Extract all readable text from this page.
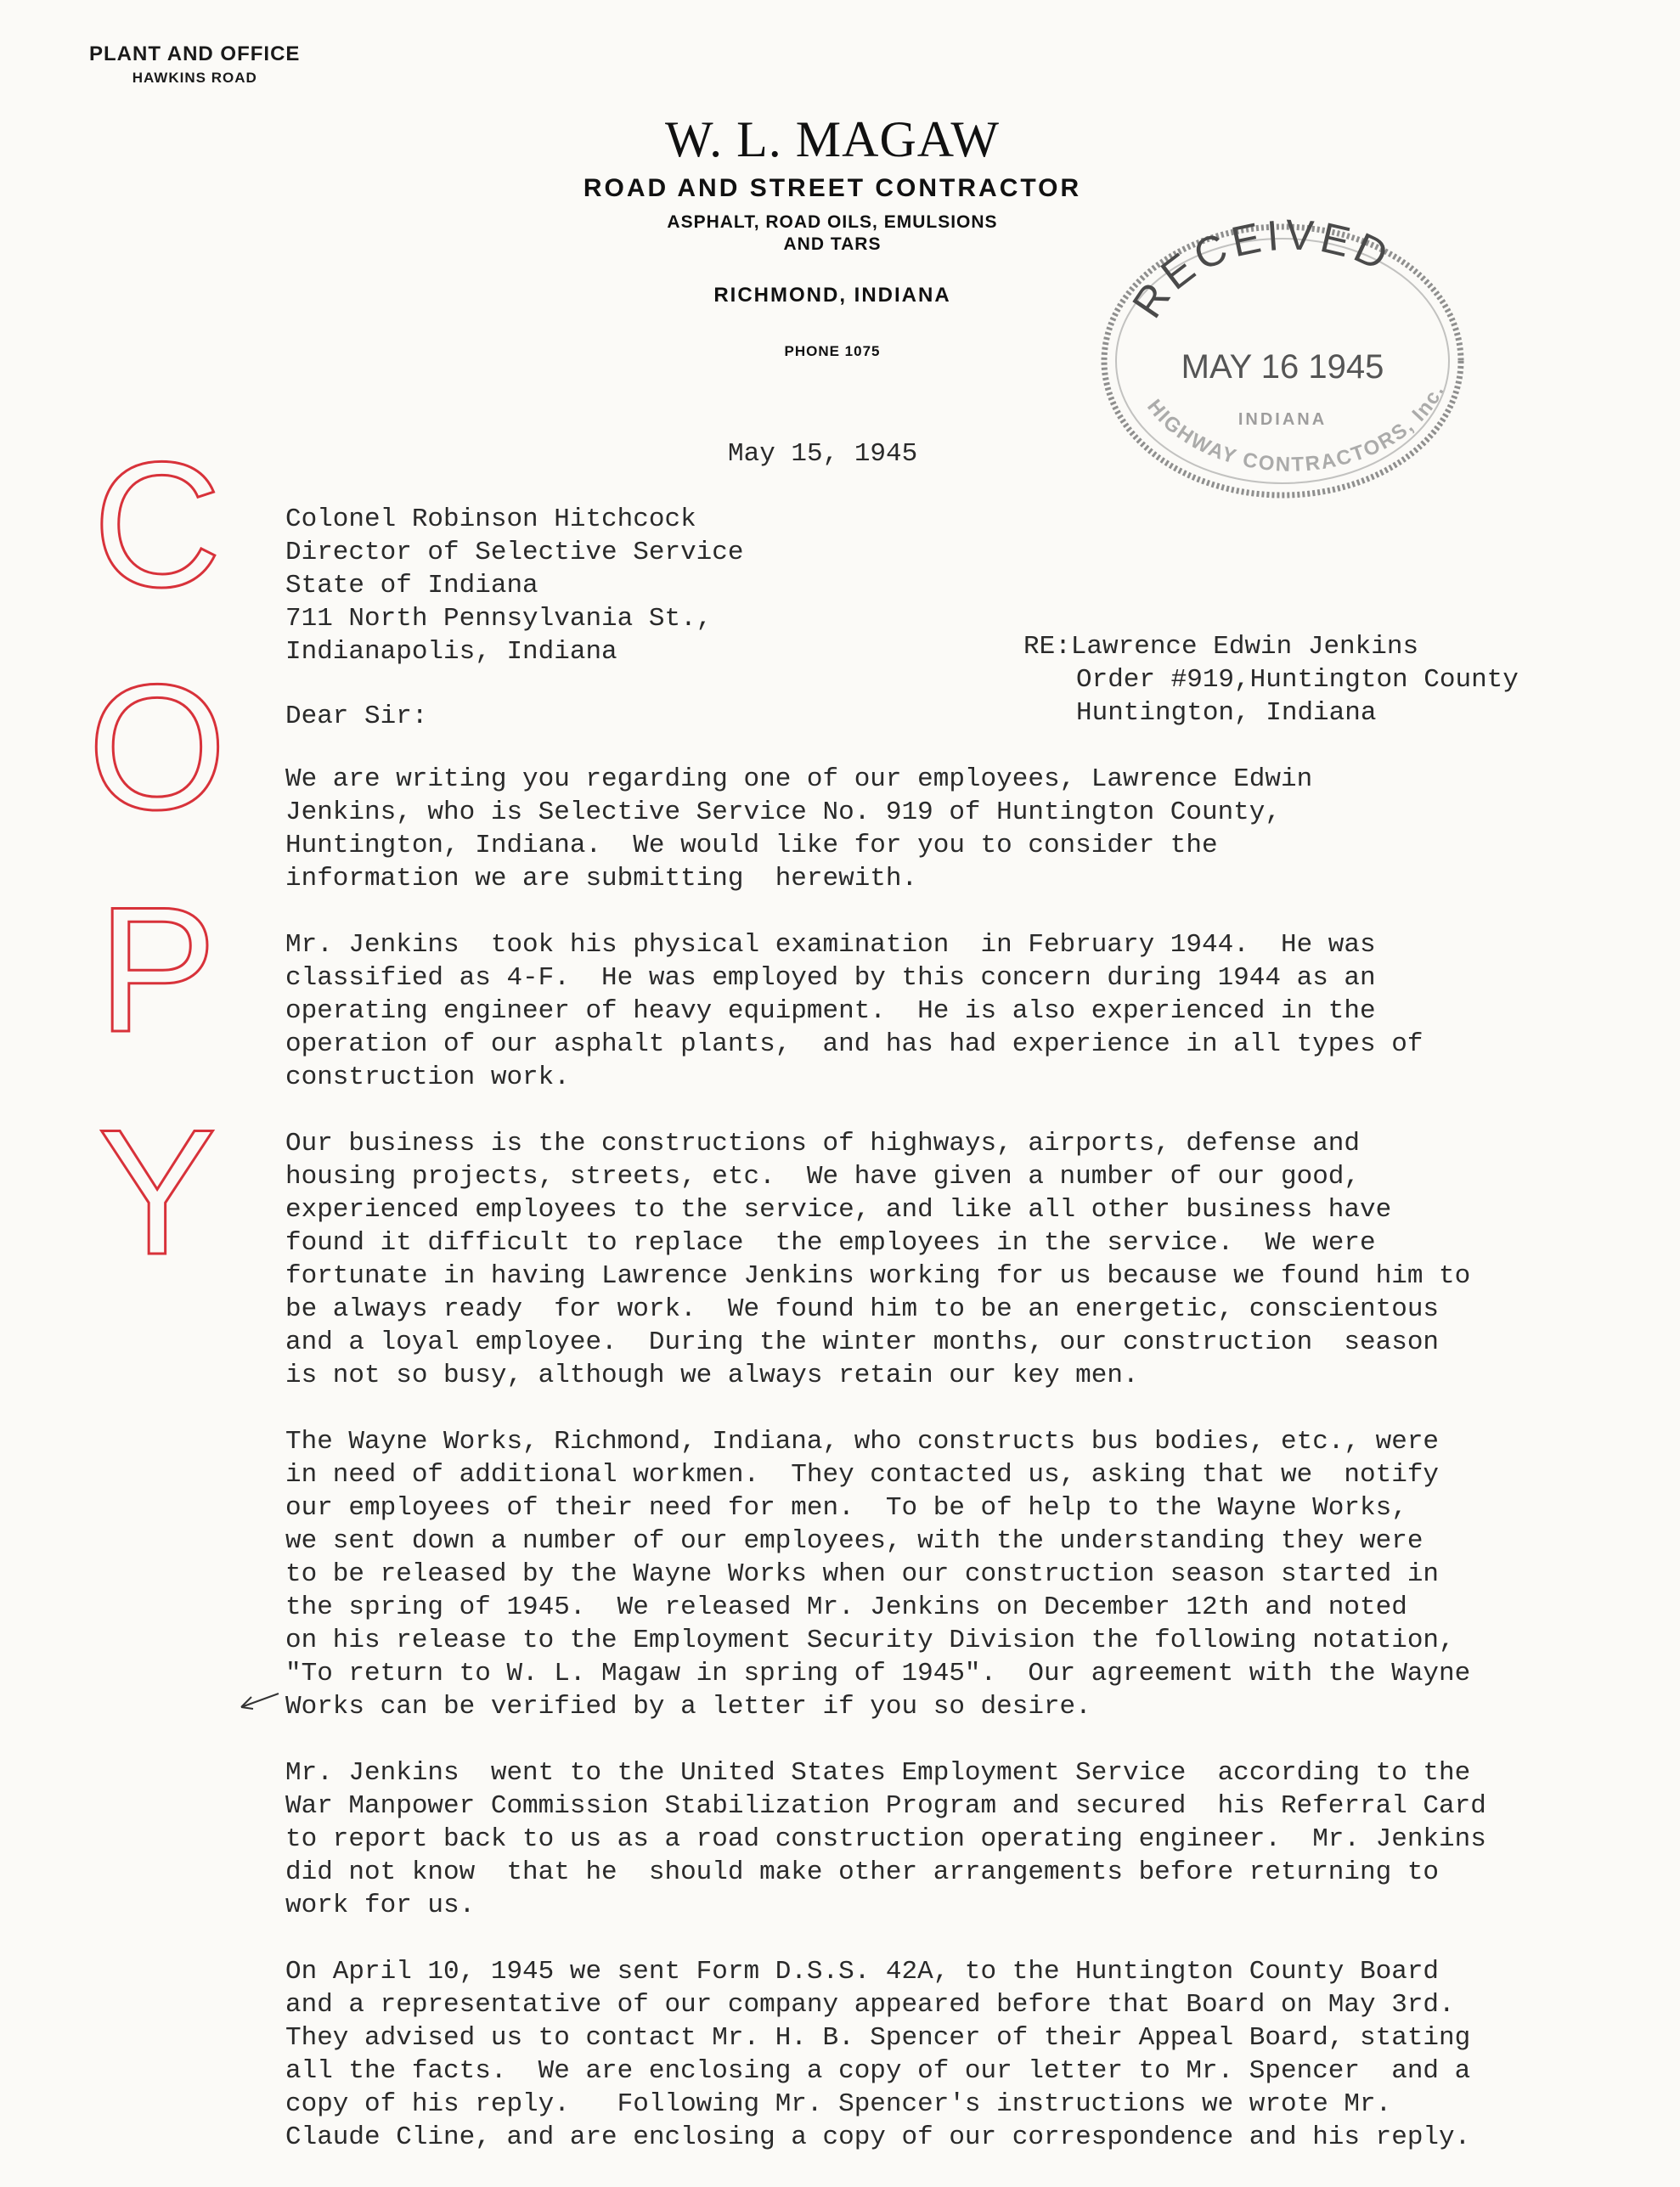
PLANT AND OFFICE
HAWKINS ROAD
W. L. MAGAW
ROAD AND STREET CONTRACTOR
ASPHALT, ROAD OILS, EMULSIONS
AND TARS
RICHMOND, INDIANA
PHONE 1075
RECEIVED
MAY 16 1945
INDIANA
HIGHWAY CONTRACTORS, Inc.
C
O
P
Y
May 15, 1945
Colonel Robinson Hitchcock
Director of Selective Service
State of Indiana
711 North Pennsylvania St.,
Indianapolis, Indiana	RE:Lawrence Edwin Jenkins
Order #919,Huntington County
Huntington, Indiana
Dear Sir:
We are writing you regarding one of our employees, Lawrence Edwin
Jenkins, who is Selective Service No. 919 of Huntington County,
Huntington, Indiana.  We would like for you to consider the
information we are submitting  herewith.
Mr. Jenkins  took his physical examination  in February 1944.  He was
classified as 4-F.  He was employed by this concern during 1944 as an
operating engineer of heavy equipment.  He is also experienced in the
operation of our asphalt plants,  and has had experience in all types of
construction work.
Our business is the constructions of highways, airports, defense and
housing projects, streets, etc.  We have given a number of our good,
experienced employees to the service, and like all other business have
found it difficult to replace  the employees in the service.  We were
fortunate in having Lawrence Jenkins working for us because we found him to
be always ready  for work.  We found him to be an energetic, conscientous
and a loyal employee.  During the winter months, our construction  season
is not so busy, although we always retain our key men.
The Wayne Works, Richmond, Indiana, who constructs bus bodies, etc., were
in need of additional workmen.  They contacted us, asking that we  notify
our employees of their need for men.  To be of help to the Wayne Works,
we sent down a number of our employees, with the understanding they were
to be released by the Wayne Works when our construction season started in
the spring of 1945.  We released Mr. Jenkins on December 12th and noted
on his release to the Employment Security Division the following notation,
"To return to W. L. Magaw in spring of 1945".  Our agreement with the Wayne
Works can be verified by a letter if you so desire.
Mr. Jenkins  went to the United States Employment Service  according to the
War Manpower Commission Stabilization Program and secured  his Referral Card
to report back to us as a road construction operating engineer.  Mr. Jenkins
did not know  that he  should make other arrangements before returning to
work for us.
On April 10, 1945 we sent Form D.S.S. 42A, to the Huntington County Board
and a representative of our company appeared before that Board on May 3rd.
They advised us to contact Mr. H. B. Spencer of their Appeal Board, stating
all the facts.  We are enclosing a copy of our letter to Mr. Spencer  and a
copy of his reply.   Following Mr. Spencer's instructions we wrote Mr.
Claude Cline, and are enclosing a copy of our correspondence and his reply.
